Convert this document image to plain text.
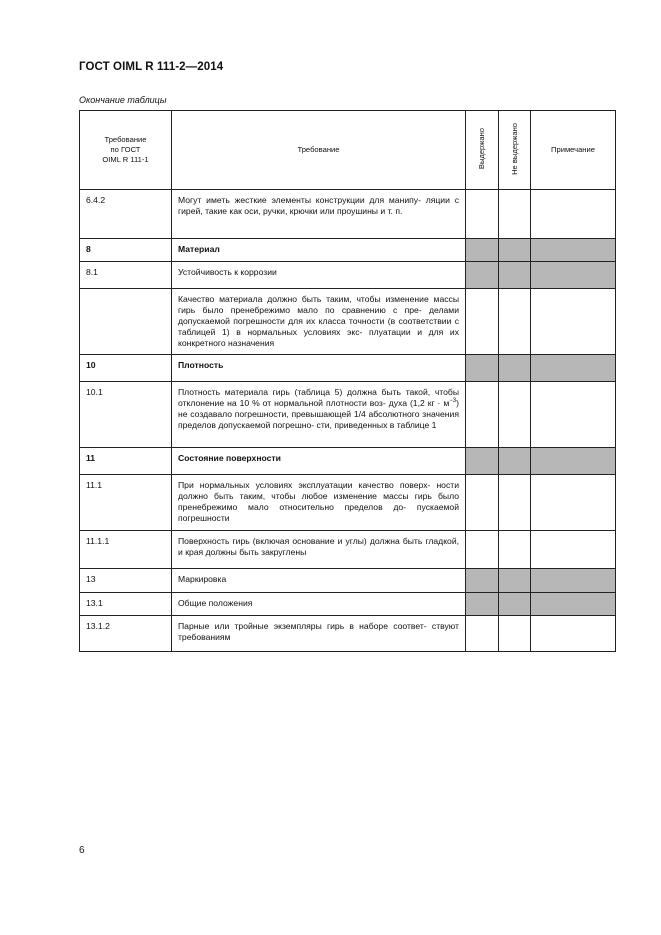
ГОСТ OIML R 111-2—2014
Окончание таблицы
Требование
по ГОСТ
OIML R 111-1	Требование	Выдержано	Не выдержано	Примечание
6.4.2	Могут иметь жесткие элементы конструкции для манипу- ляции с гирей, такие как оси, ручки, крючки или проушины и т. п.			
8	Материал			
8.1	Устойчивость к коррозии			
	Качество материала должно быть таким, чтобы изменение массы гирь было пренебрежимо мало по сравнению с пре- делами допускаемой погрешности для их класса точности (в соответствии с таблицей 1) в нормальных условиях экс- плуатации и для их конкретного назначения			
10	Плотность			
10.1	Плотность материала гирь (таблица 5) должна быть такой, чтобы отклонение на 10 % от нормальной плотности воз- духа (1,2 кг · $м^{-3}$) не создавало погрешности, превышающей 1/4 абсолютного значения пределов допускаемой погрешно- сти, приведенных в таблице 1			
11	Состояние поверхности			
11.1	При нормальных условиях эксплуатации качество поверх- ности должно быть таким, чтобы любое изменение массы гирь было пренебрежимо мало относительно пределов до- пускаемой погрешности			
11.1.1	Поверхность гирь (включая основание и углы) должна быть гладкой, и края должны быть закруглены			
13	Маркировка			
13.1	Общие положения			
13.1.2	Парные или тройные экземпляры гирь в наборе соответ- ствуют требованиям			
6
